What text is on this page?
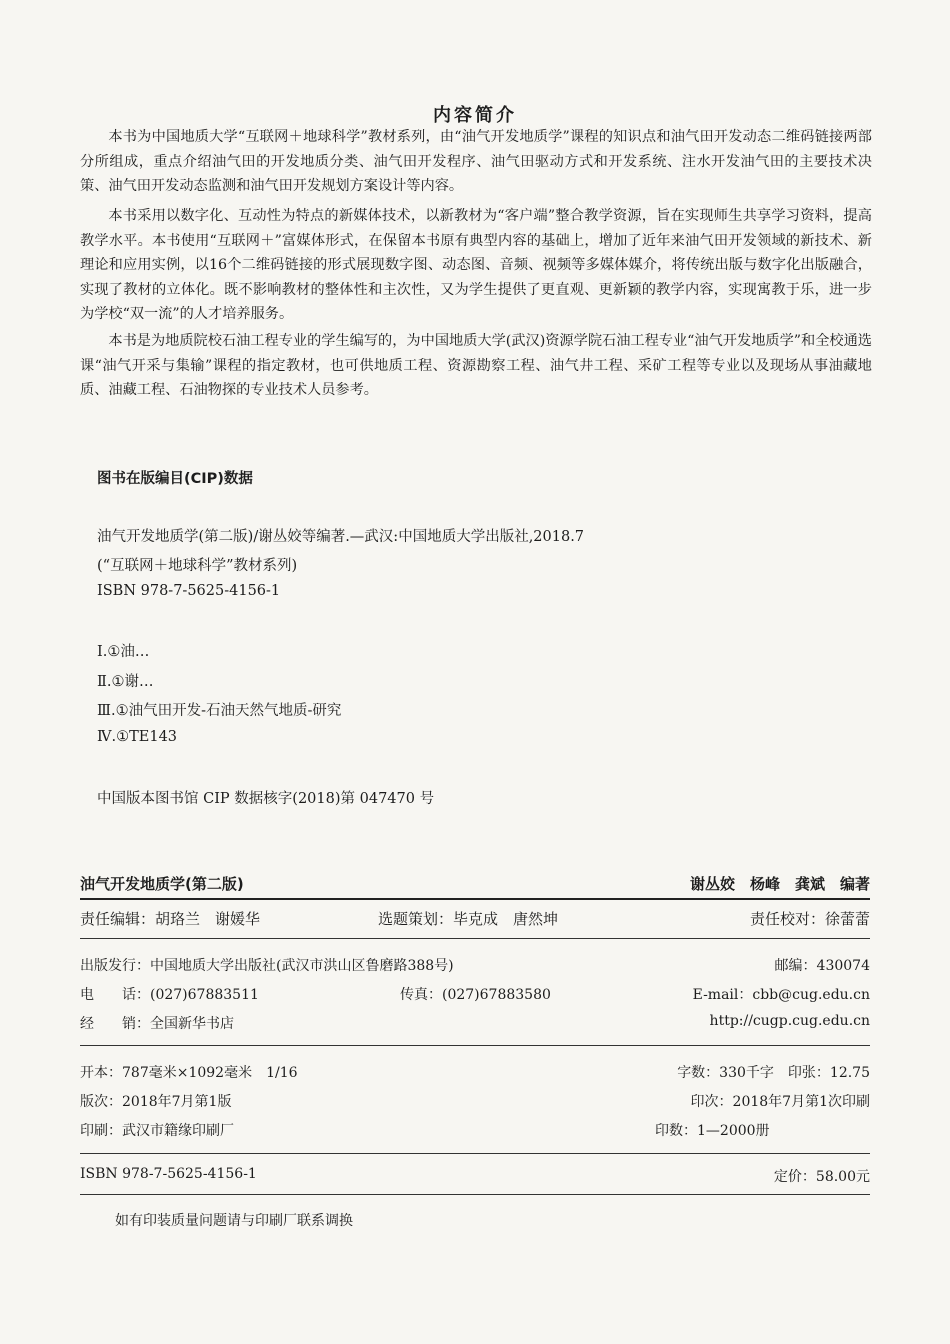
内容简介
本书为中国地质大学“互联网＋地球科学”教材系列，由“油气开发地质学”课程的知识点和油气田开发动态二维码链接两部分所组成，重点介绍油气田的开发地质分类、油气田开发程序、油气田驱动方式和开发系统、注水开发油气田的主要技术决策、油气田开发动态监测和油气田开发规划方案设计等内容。
本书采用以数字化、互动性为特点的新媒体技术，以新教材为“客户端”整合教学资源，旨在实现师生共享学习资料，提高教学水平。本书使用“互联网＋”富媒体形式，在保留本书原有典型内容的基础上，增加了近年来油气田开发领域的新技术、新理论和应用实例，以16个二维码链接的形式展现数字图、动态图、音频、视频等多媒体媒介，将传统出版与数字化出版融合，实现了教材的立体化。既不影响教材的整体性和主次性，又为学生提供了更直观、更新颖的教学内容，实现寓教于乐，进一步为学校“双一流”的人才培养服务。
本书是为地质院校石油工程专业的学生编写的，为中国地质大学(武汉)资源学院石油工程专业“油气开发地质学”和全校通选课“油气开采与集输”课程的指定教材，也可供地质工程、资源勘察工程、油气井工程、采矿工程等专业以及现场从事油藏地质、油藏工程、石油物探的专业技术人员参考。
图书在版编目(CIP)数据
油气开发地质学(第二版)/谢丛姣等编著.—武汉:中国地质大学出版社,2018.7
(“互联网＋地球科学”教材系列)
ISBN 978-7-5625-4156-1
Ⅰ.①油…
Ⅱ.①谢…
Ⅲ.①油气田开发-石油天然气地质-研究
Ⅳ.①TE143
中国版本图书馆 CIP 数据核字(2018)第 047470 号
油气开发地质学(第二版)	谢丛姣　杨峰　龚斌　编著
责任编辑：胡珞兰　谢媛华	选题策划：毕克成　唐然坤	责任校对：徐蕾蕾
出版发行：中国地质大学出版社(武汉市洪山区鲁磨路388号)	邮编：430074
电　　话：(027)67883511	传真：(027)67883580	E-mail：cbb@cug.edu.cn
经　　销：全国新华书店	http://cugp.cug.edu.cn
开本：787毫米×1092毫米　1/16	字数：330千字　印张：12.75
版次：2018年7月第1版	印次：2018年7月第1次印刷
印刷：武汉市籍缘印刷厂	印数：1—2000册
ISBN 978-7-5625-4156-1	定价：58.00元
如有印装质量问题请与印刷厂联系调换
